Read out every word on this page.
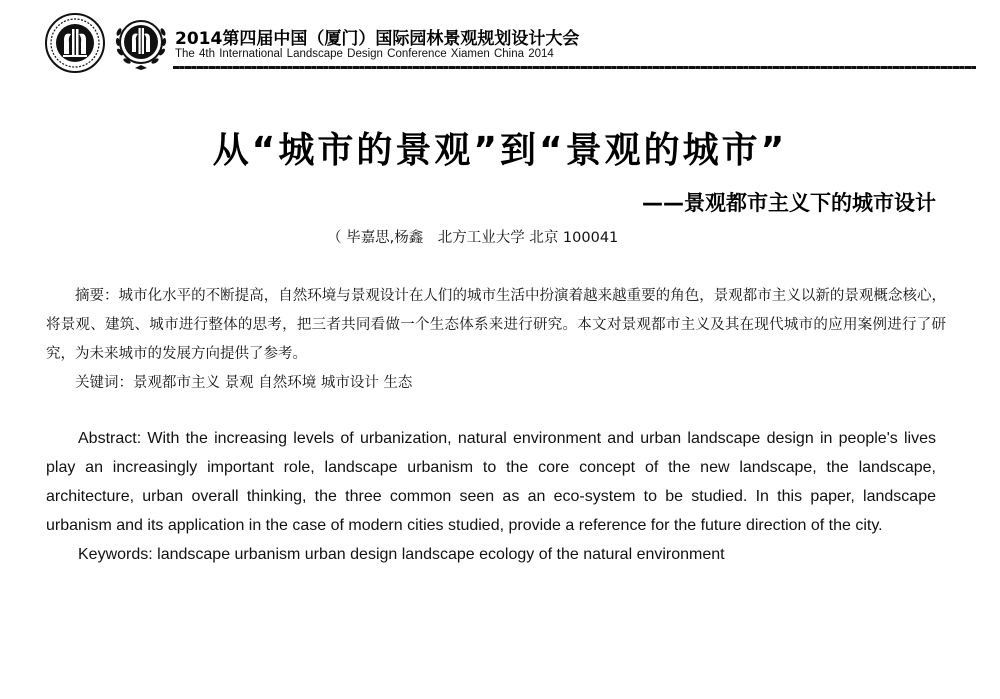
2014第四届中国（厦门）国际园林景观规划设计大会
The 4th International Landscape Design Conference Xiamen China 2014
从“城市的景观”到“景观的城市”
——景观都市主义下的城市设计
（ 毕嘉思,杨鑫　北方工业大学 北京 100041

摘要：城市化水平的不断提高，自然环境与景观设计在人们的城市生活中扮演着越来越重要的角色，景观都市主义以新的景观概念核心，将景观、建筑、城市进行整体的思考，把三者共同看做一个生态体系来进行研究。本文对景观都市主义及其在现代城市的应用案例进行了研究，为未来城市的发展方向提供了参考。

关键词：景观都市主义 景观 自然环境 城市设计 生态

Abstract: With the increasing levels of urbanization, natural environment and urban landscape design in people's lives play an increasingly important role, landscape urbanism to the core concept of the new landscape, the landscape, architecture, urban overall thinking, the three common seen as an eco-system to be studied. In this paper, landscape urbanism and its application in the case of modern cities studied, provide a reference for the future direction of the city.

Keywords: landscape urbanism urban design landscape ecology of the natural environment
